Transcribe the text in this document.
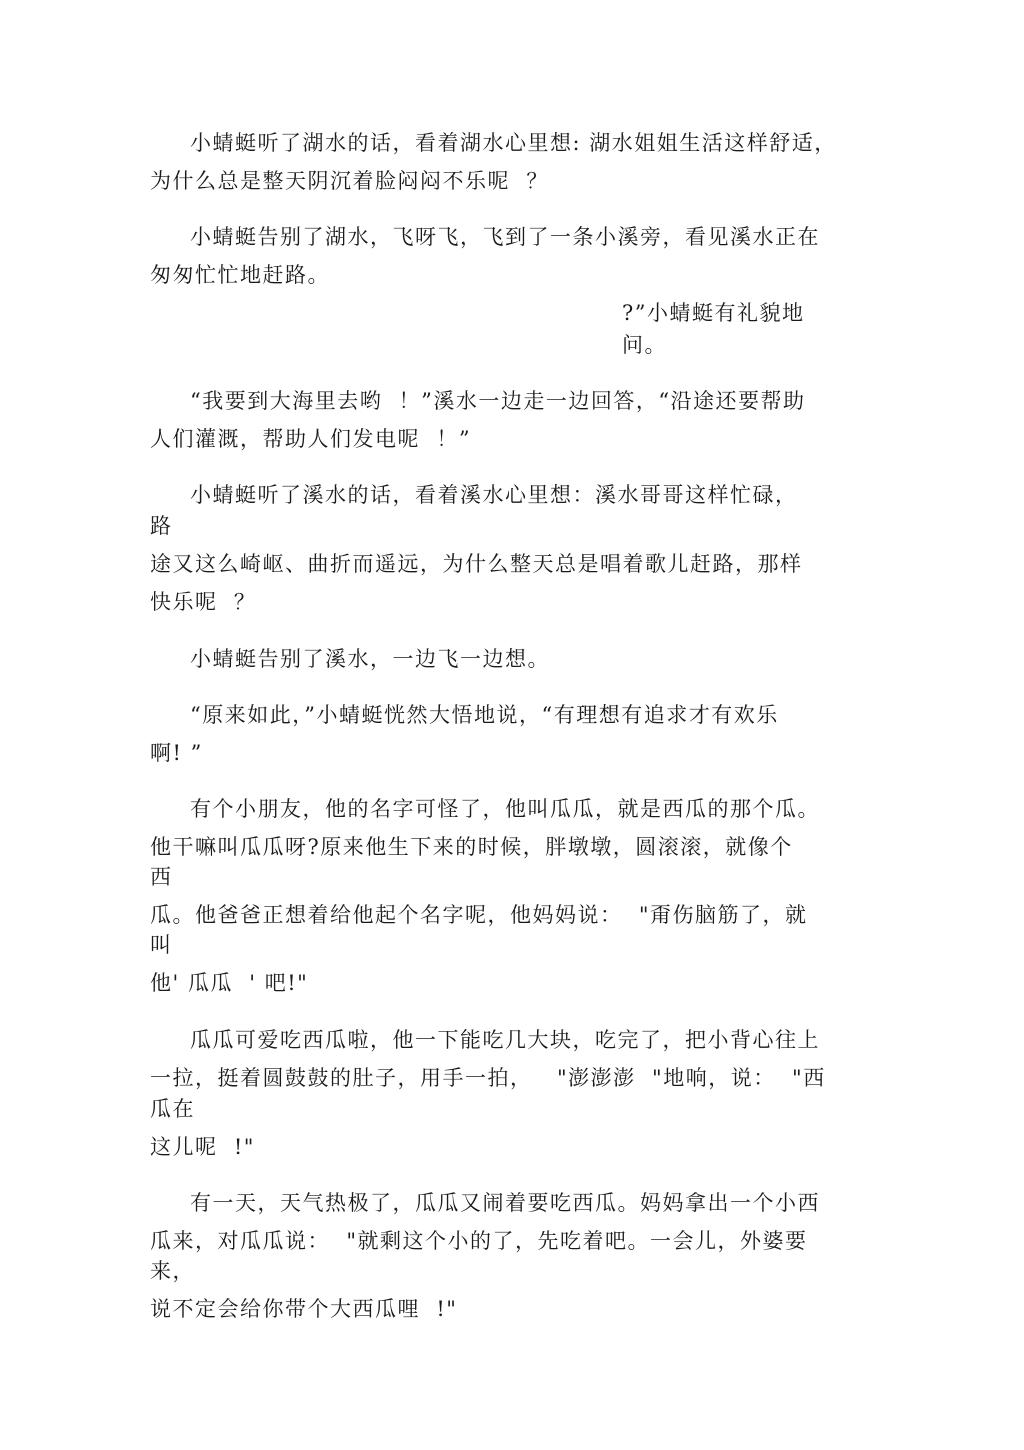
小蜻蜓听了湖水的话，看着湖水心里想: 湖水姐姐生活这样舒适，
为什么总是整天阴沉着脸闷闷不乐呢  ？
小蜻蜓告别了湖水，飞呀飞，飞到了一条小溪旁，看见溪水正在
匆匆忙忙地赶路。
?”小蜻蜓有礼貌地
问。
“我要到大海里去哟  ！”溪水一边走一边回答，“沿途还要帮助
人们灌溉，帮助人们发电呢  ！”
小蜻蜓听了溪水的话，看着溪水心里想：溪水哥哥这样忙碌，
路
途又这么崎岖、曲折而遥远，为什么整天总是唱着歌儿赶路，那样
快乐呢  ？
小蜻蜓告别了溪水，一边飞一边想。
“原来如此，”小蜻蜓恍然大悟地说，“有理想有追求才有欢乐
啊! ”
有个小朋友，他的名字可怪了，他叫瓜瓜，就是西瓜的那个瓜。
他干嘛叫瓜瓜呀?原来他生下来的时候，胖墩墩，圆滚滚，就像个
西
瓜。他爸爸正想着给他起个名字呢，他妈妈说：  "甭伤脑筋了，就
叫
他' 瓜瓜  ' 吧!"
瓜瓜可爱吃西瓜啦，他一下能吃几大块，吃完了，把小背心往上
一拉，挺着圆鼓鼓的肚子，用手一拍，   "澎澎澎  "地响，说：  "西
瓜在
这儿呢  !"
有一天，天气热极了，瓜瓜又闹着要吃西瓜。妈妈拿出一个小西
瓜来，对瓜瓜说：  "就剩这个小的了，先吃着吧。一会儿，外婆要
来，
说不定会给你带个大西瓜哩  !"
